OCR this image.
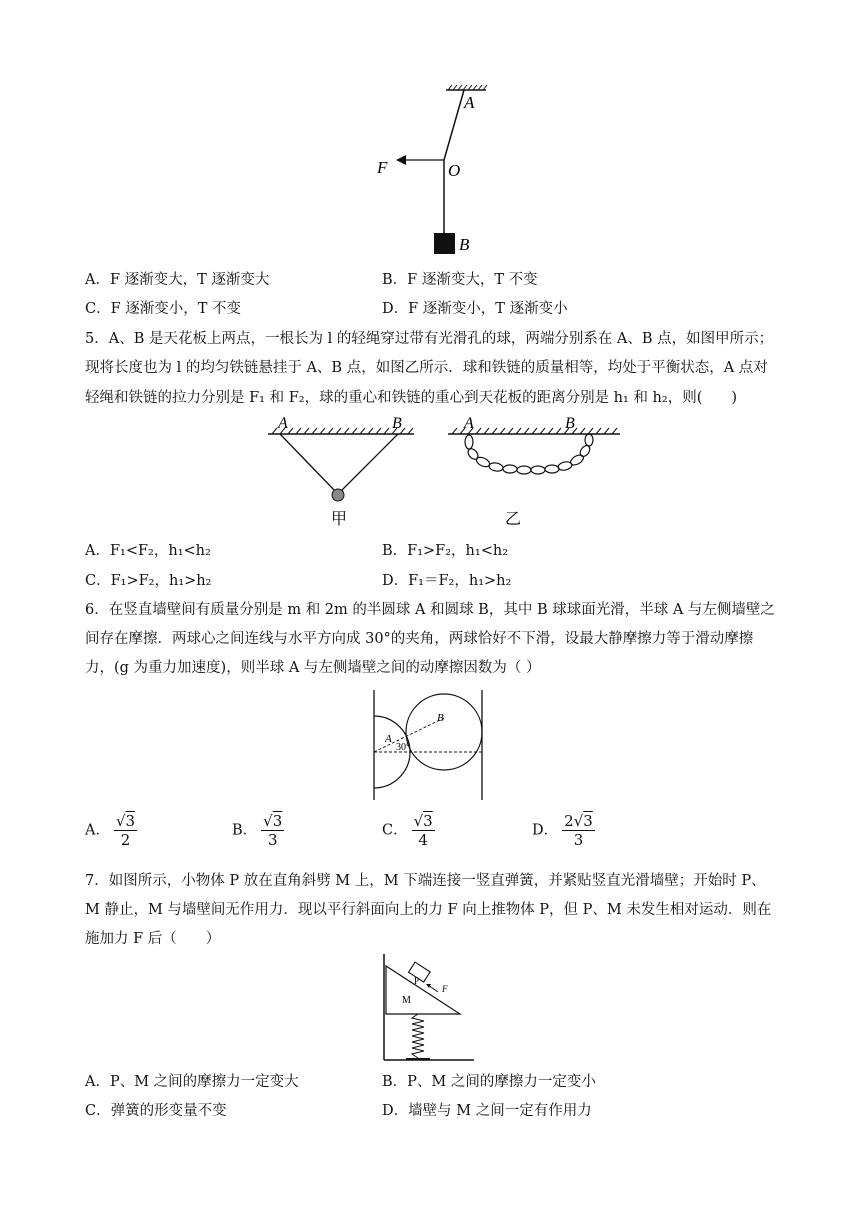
A
O
F
B
A．F 逐渐变大，T 逐渐变大	B．F 逐渐变大，T 不变
C．F 逐渐变小，T 不变	D．F 逐渐变小，T 逐渐变小
5．A、B 是天花板上两点，一根长为 l 的轻绳穿过带有光滑孔的球，两端分别系在 A、B 点，如图甲所示；
现将长度也为 l 的均匀铁链悬挂于 A、B 点，如图乙所示．球和铁链的质量相等，均处于平衡状态，A 点对
轻绳和铁链的拉力分别是 F₁ 和 F₂，球的重心和铁链的重心到天花板的距离分别是 h₁ 和 h₂，则(　　)
A	B
甲
A	B
乙
A．F₁<F₂，h₁<h₂	B．F₁>F₂，h₁<h₂
C．F₁>F₂，h₁>h₂	D．F₁＝F₂，h₁>h₂
6．在竖直墙壁间有质量分别是 m 和 2m 的半圆球 A 和圆球 B，其中 B 球球面光滑，半球 A 与左侧墙壁之
间存在摩擦．两球心之间连线与水平方向成 30°的夹角，两球恰好不下滑，设最大静摩擦力等于滑动摩擦
力，(g 为重力加速度)，则半球 A 与左侧墙壁之间的动摩擦因数为（ ）
A
B
30°
A． $\frac{√3}{2}$	B． $\frac{√3}{3}$	C． $\frac{√3}{4}$	D． $\frac{2√3}{3}$
7．如图所示，小物体 P 放在直角斜劈 M 上，M 下端连接一竖直弹簧，并紧贴竖直光滑墙壁；开始时 P、
M 静止，M 与墙壁间无作用力．现以平行斜面向上的力 F 向上推物体 P，但 P、M 未发生相对运动．则在
施加力 F 后（　　）
P
F
M
A．P、M 之间的摩擦力一定变大	B．P、M 之间的摩擦力一定变小
C．弹簧的形变量不变	D．墙壁与 M 之间一定有作用力
